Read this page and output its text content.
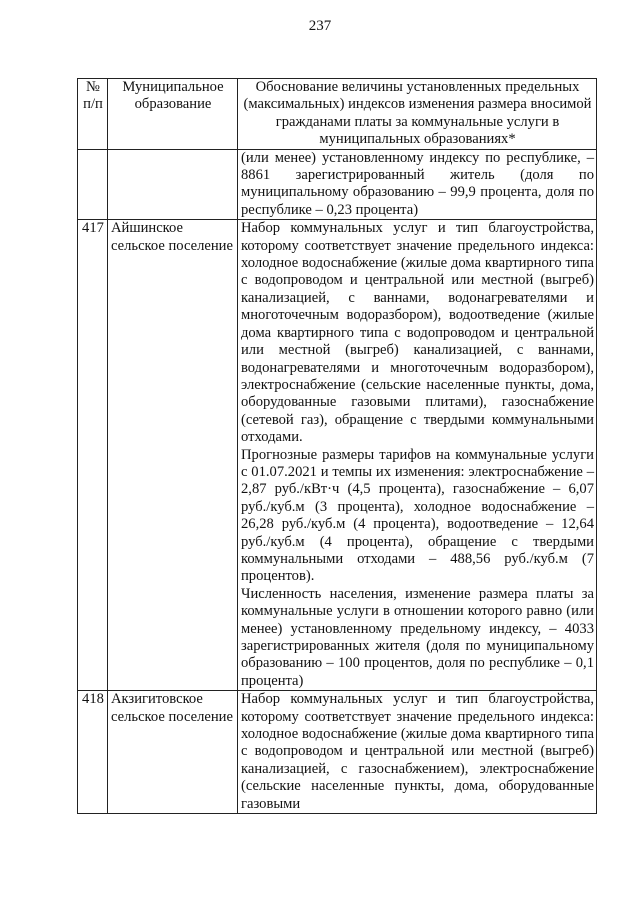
237
№ п/п	Муниципальное образование	Обоснование величины установленных предельных (максимальных) индексов изменения размера вносимой гражданами платы за коммунальные услуги в муниципальных образованиях*

		(или менее) установленному индексу по республике, – 8861 зарегистрированный житель (доля по муниципальному образованию – 99,9 процента, доля по республике – 0,23 процента)

417	Айшинское сельское поселение	Набор коммунальных услуг и тип благоустройства, которому соответствует значение предельного индекса: холодное водоснабжение (жилые дома квартирного типа с водопроводом и центральной или местной (выгреб) канализацией, с ваннами, водонагревателями и многоточечным водоразбором), водоотведение (жилые дома квартирного типа с водопроводом и центральной или местной (выгреб) канализацией, с ваннами, водонагревателями и многоточечным водоразбором), электроснабжение (сельские населенные пункты, дома, оборудованные газовыми плитами), газоснабжение (сетевой газ), обращение с твердыми коммунальными отходами.

Прогнозные размеры тарифов на коммунальные услуги с 01.07.2021 и темпы их изменения: электроснабжение – 2,87 руб./кВт·ч (4,5 процента), газоснабжение – 6,07 руб./куб.м (3 процента), холодное водоснабжение – 26,28 руб./куб.м (4 процента), водоотведение – 12,64 руб./куб.м (4 процента), обращение с твердыми коммунальными отходами – 488,56 руб./куб.м (7 процентов).

Численность населения, изменение размера платы за коммунальные услуги в отношении которого равно (или менее) установленному предельному индексу, – 4033 зарегистрированных жителя (доля по муниципальному образованию – 100 процентов, доля по республике – 0,1 процента)

418	Акзигитовское сельское поселение	Набор коммунальных услуг и тип благоустройства, которому соответствует значение предельного индекса: холодное водоснабжение (жилые дома квартирного типа с водопроводом и центральной или местной (выгреб) канализацией, с газоснабжением), электроснабжение (сельские населенные пункты, дома, оборудованные газовыми
